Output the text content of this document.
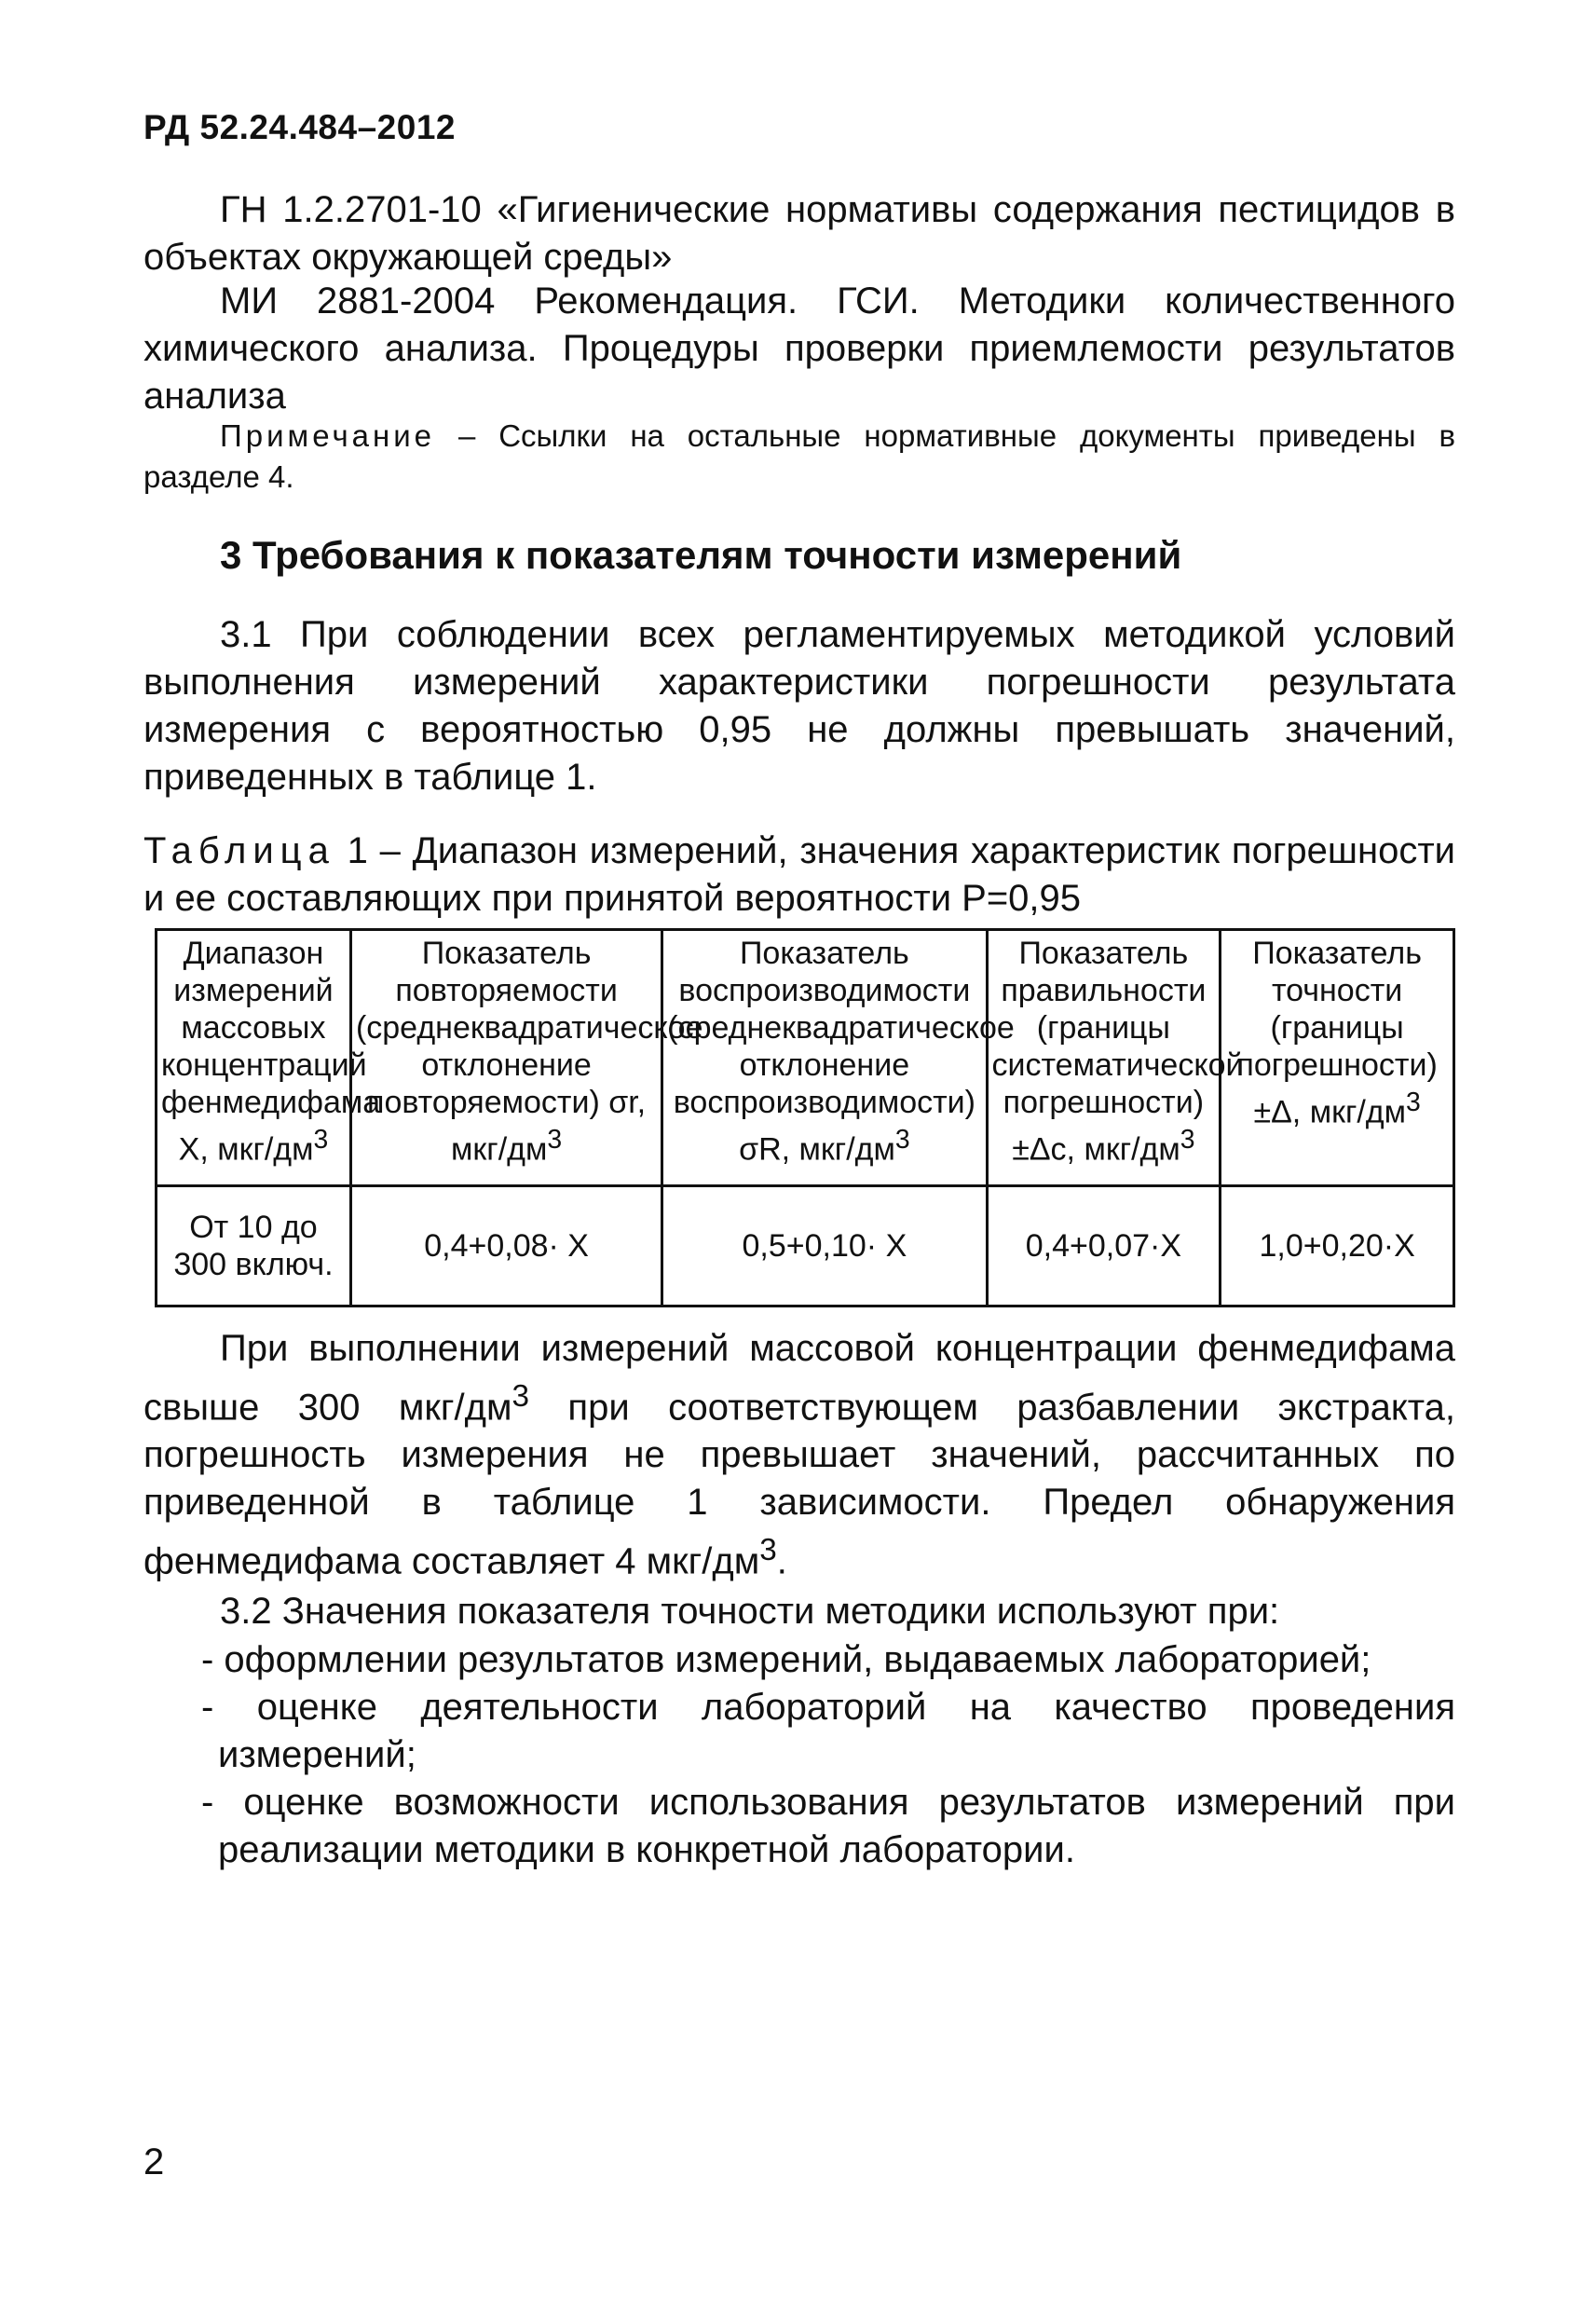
РД 52.24.484–2012
ГН 1.2.2701-10 «Гигиенические нормативы содержания пестицидов в объектах окружающей среды»
МИ 2881-2004 Рекомендация. ГСИ. Методики количественного химического анализа. Процедуры проверки приемлемости результатов анализа
Примечание – Ссылки на остальные нормативные документы приведены в разделе 4.
3 Требования к показателям точности измерений
3.1 При соблюдении всех регламентируемых методикой условий выполнения измерений характеристики погрешности результата измерения с вероятностью 0,95 не должны превышать значений, приведенных в таблице 1.
Таблица 1 – Диапазон измерений, значения характеристик погрешности и ее составляющих при принятой вероятности Р=0,95
Диапазон измерений массовых концентраций фенмедифама X, мкг/$дм^3$	Показатель повторяемости (среднеквадратическое отклонение повторяемости) σr, мкг/$дм^3$	Показатель воспроизводимости (среднеквадратическое отклонение воспроизводимости) σR, мкг/$дм^3$	Показатель правильности (границы систематической погрешности) ±Δc, мкг/$дм^3$	Показатель точности (границы погрешности) ±Δ, мкг/$дм^3$
От 10 до 300 включ.	0,4+0,08· X	0,5+0,10· X	0,4+0,07·X	1,0+0,20·X
При выполнении измерений массовой концентрации фенмедифама свыше 300 мкг/$дм^3$ при соответствующем разбавлении экстракта, погрешность измерения не превышает значений, рассчитанных по приведенной в таблице 1 зависимости. Предел обнаружения фенмедифама составляет 4 мкг/$дм^3$.
3.2 Значения показателя точности методики используют при:
- оформлении результатов измерений, выдаваемых лабораторией;
- оценке деятельности лабораторий на качество проведения измерений;
- оценке возможности использования результатов измерений при реализации методики в конкретной лаборатории.
2
